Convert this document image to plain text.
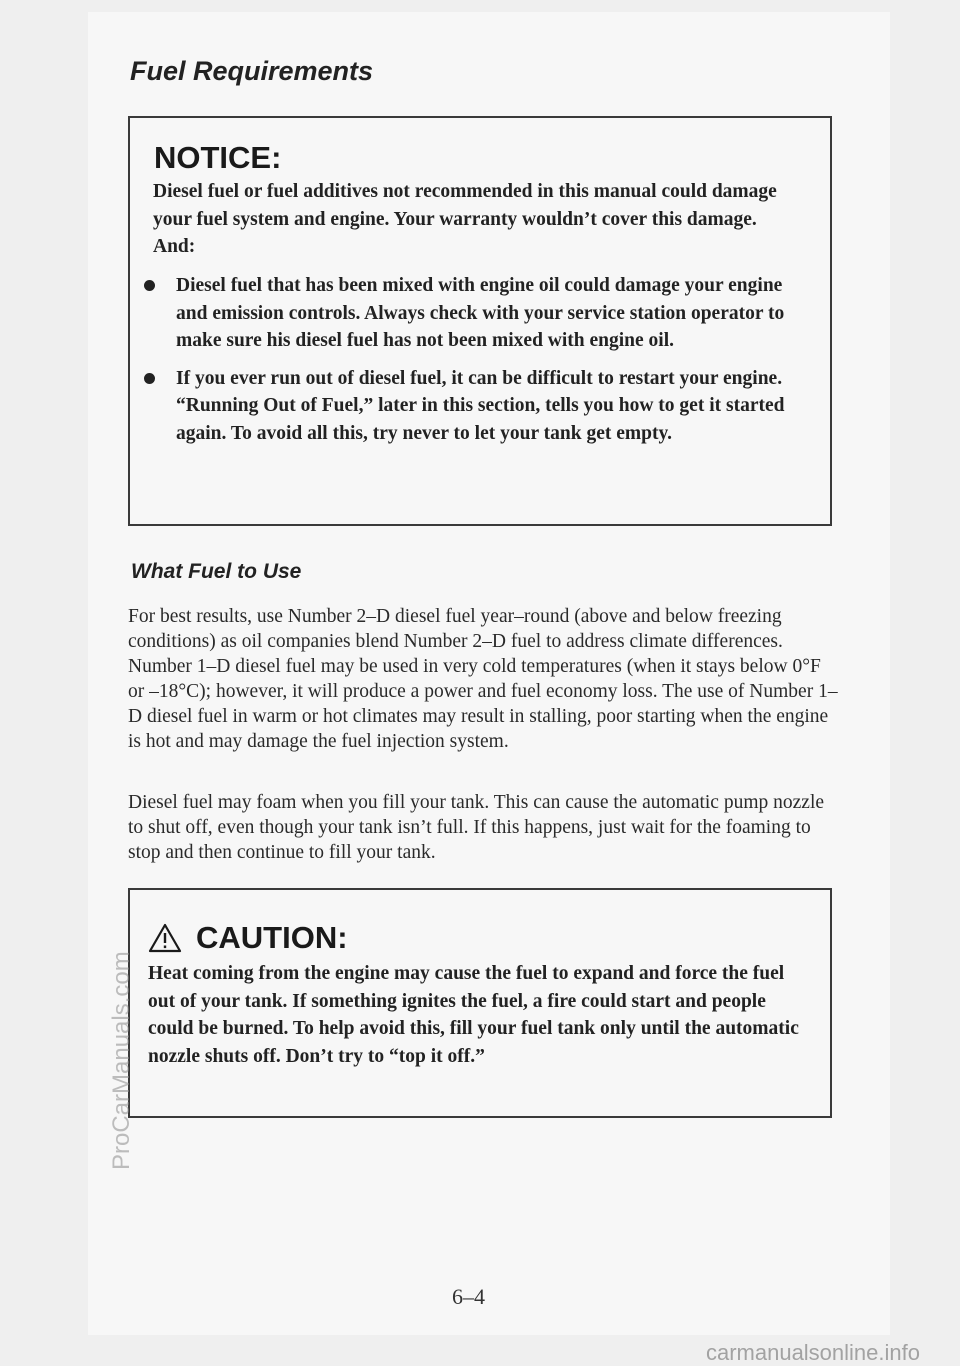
Fuel Requirements
NOTICE:

Diesel fuel or fuel additives not recommended in this manual could damage your fuel system and engine. Your warranty wouldn’t cover this damage. And:

Diesel fuel that has been mixed with engine oil could damage your engine and emission controls. Always check with your service station operator to make sure his diesel fuel has not been mixed with engine oil.
If you ever run out of diesel fuel, it can be difficult to restart your engine. “Running Out of Fuel,” later in this section, tells you how to get it started again. To avoid all this, try never to let your tank get empty.
What Fuel to Use

For best results, use Number 2–D diesel fuel year–round (above and below freezing conditions) as oil companies blend Number 2–D fuel to address climate differences. Number 1–D diesel fuel may be used in very cold temperatures (when it stays below 0°F or –18°C); however, it will produce a power and fuel economy loss. The use of Number 1–D diesel fuel in warm or hot climates may result in stalling, poor starting when the engine is hot and may damage the fuel injection system.

Diesel fuel may foam when you fill your tank. This can cause the automatic pump nozzle to shut off, even though your tank isn’t full. If this happens, just wait for the foaming to stop and then continue to fill your tank.

CAUTION:

Heat coming from the engine may cause the fuel to expand and force the fuel out of your tank. If something ignites the fuel, a fire could start and people could be burned. To help avoid this, fill your fuel tank only until the automatic nozzle shuts off. Don’t try to “top it off.”

6–4

ProCarManuals.com
carmanualsonline.info
